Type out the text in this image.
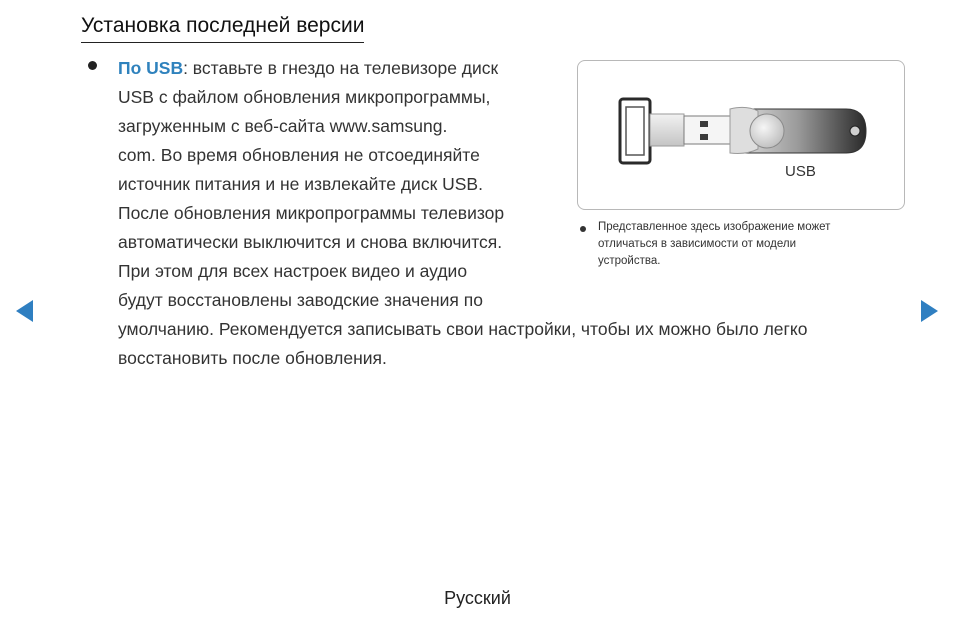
Установка последней версии
По USB: вставьте в гнездо на телевизоре диск
USB с файлом обновления микропрограммы,
загруженным с веб-сайта www.samsung.
com. Во время обновления не отсоединяйте
источник питания и не извлекайте диск USB.
После обновления микропрограммы телевизор
автоматически выключится и снова включится.
При этом для всех настроек видео и аудио
будут восстановлены заводские значения по
умолчанию. Рекомендуется записывать свои настройки, чтобы их можно было легко
восстановить после обновления.
USB
Представленное здесь изображение может
отличаться в зависимости от модели
устройства.
Русский
